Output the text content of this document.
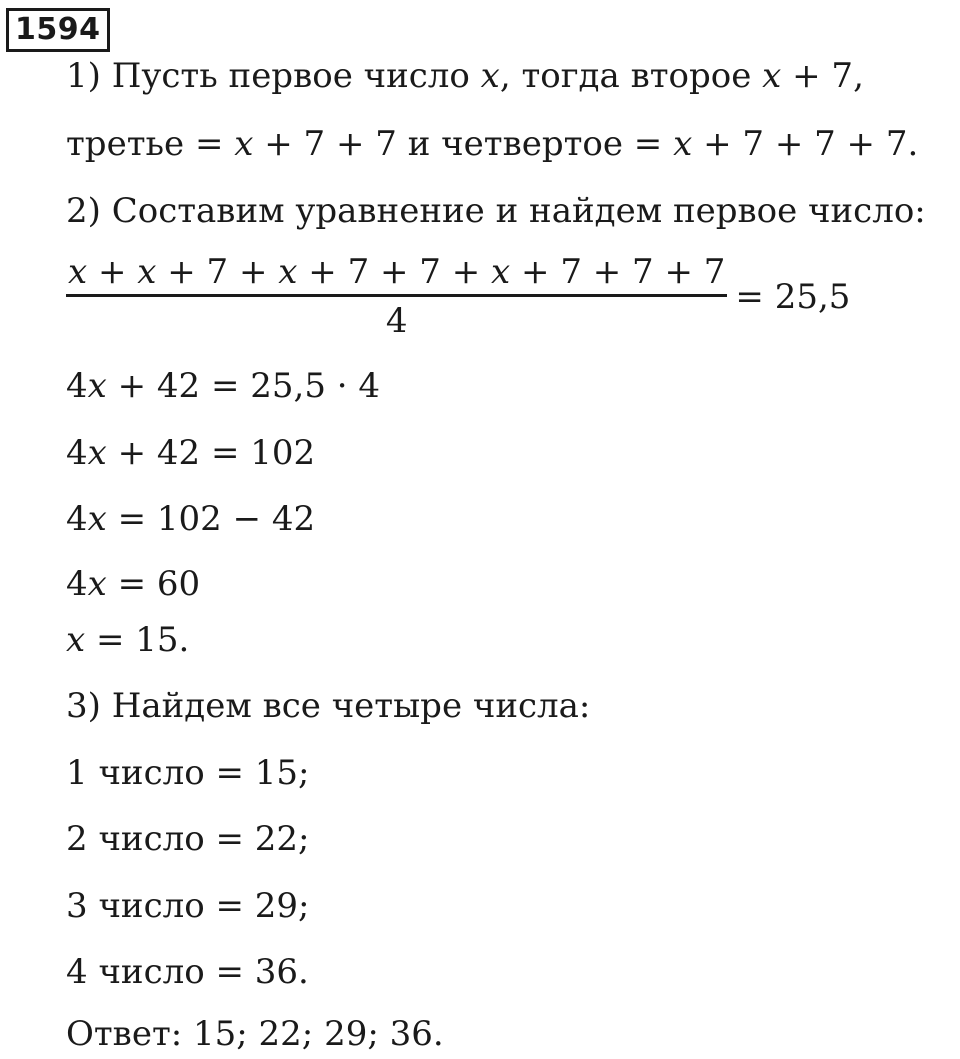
1594
1) Пусть первое число 𝑥, тогда второе 𝑥 + 7,
третье = 𝑥 + 7 + 7 и четвертое = 𝑥 + 7 + 7 + 7.
2) Составим уравнение и найдем первое число:
$\frac{\text{𝑥 + 𝑥 + 7 + 𝑥 + 7 + 7 + 𝑥 + 7 + 7 + 7}}{4} = 25,5$
4𝑥 + 42 = 25,5 · 4
4𝑥 + 42 = 102
4𝑥 = 102 − 42
4𝑥 = 60
𝑥 = 15.
3) Найдем все четыре числа:
1 число = 15;
2 число = 22;
3 число = 29;
4 число = 36.
Ответ: 15; 22; 29; 36.
